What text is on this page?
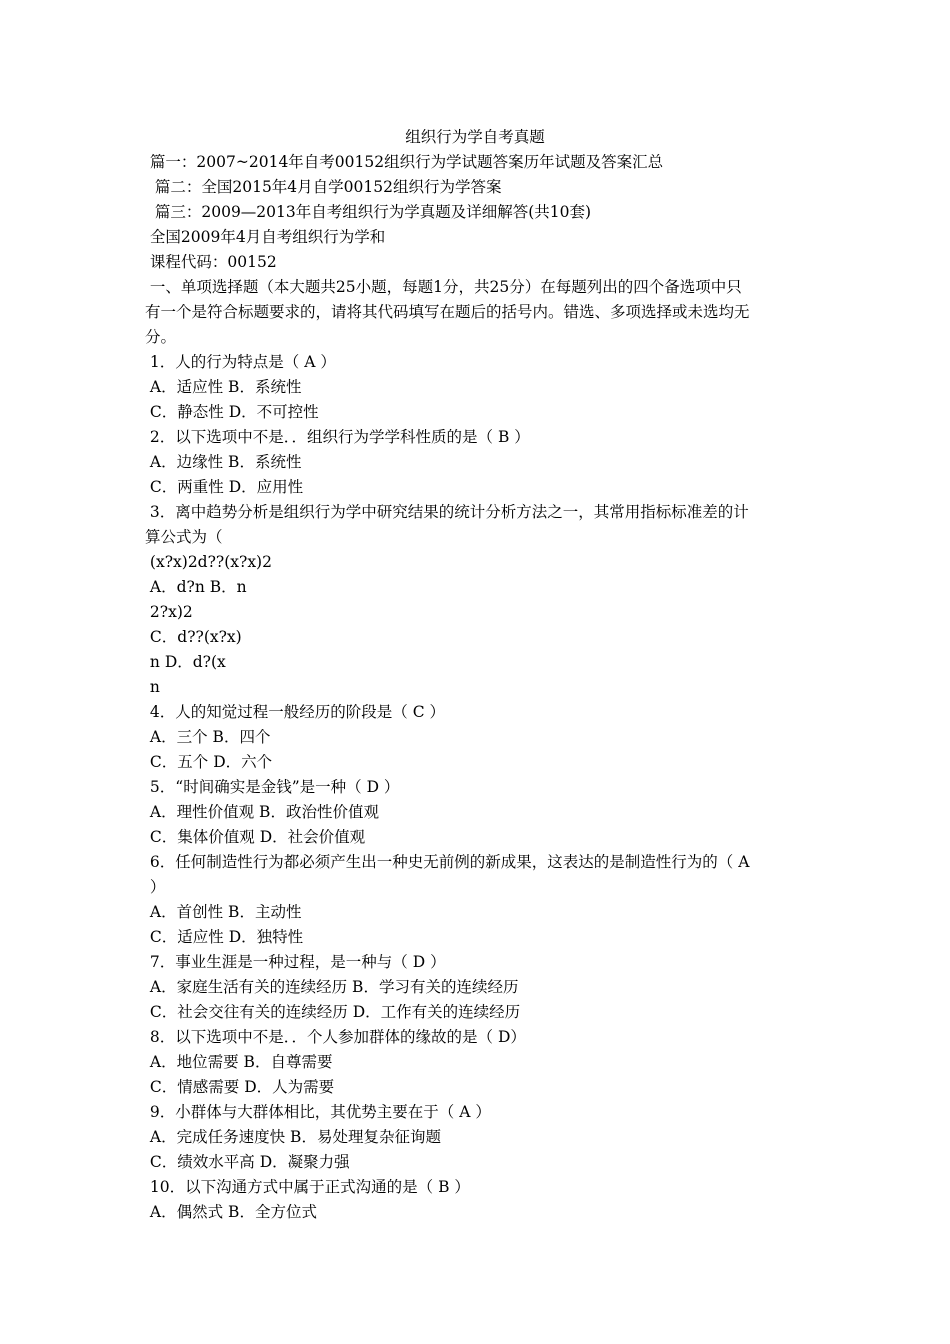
组织行为学自考真题
篇一：2007~2014年自考00152组织行为学试题答案历年试题及答案汇总
篇二：全国2015年4月自学00152组织行为学答案
篇三：2009—2013年自考组织行为学真题及详细解答(共10套)
全国2009年4月自考组织行为学和
课程代码：00152
一、单项选择题（本大题共25小题，每题1分，共25分）在每题列出的四个备选项中只
有一个是符合标题要求的，请将其代码填写在题后的括号内。错选、多项选择或未选均无
分。
1．人的行为特点是（ A ）
A．适应性 B．系统性
C．静态性 D．不可控性
2．以下选项中不是．．组织行为学学科性质的是（ B ）
A．边缘性 B．系统性
C．两重性 D．应用性
3．离中趋势分析是组织行为学中研究结果的统计分析方法之一，其常用指标标准差的计
算公式为（
(x?x)2d??(x?x)2
A．d?n B．n
2?x)2
C．d??(x?x)
n D．d?(x
n
4．人的知觉过程一般经历的阶段是（ C ）
A．三个 B．四个
C．五个 D．六个
5．“时间确实是金钱”是一种（ D ）
A．理性价值观 B．政治性价值观
C．集体价值观 D．社会价值观
6．任何制造性行为都必须产生出一种史无前例的新成果，这表达的是制造性行为的（ A
）
A．首创性 B．主动性
C．适应性 D．独特性
7．事业生涯是一种过程，是一种与（ D ）
A．家庭生活有关的连续经历 B．学习有关的连续经历
C．社会交往有关的连续经历 D．工作有关的连续经历
8．以下选项中不是．．个人参加群体的缘故的是（ D）
A．地位需要 B．自尊需要
C．情感需要 D．人为需要
9．小群体与大群体相比，其优势主要在于（ A ）
A．完成任务速度快 B．易处理复杂征询题
C．绩效水平高 D．凝聚力强
10．以下沟通方式中属于正式沟通的是（ B ）
A．偶然式 B．全方位式
